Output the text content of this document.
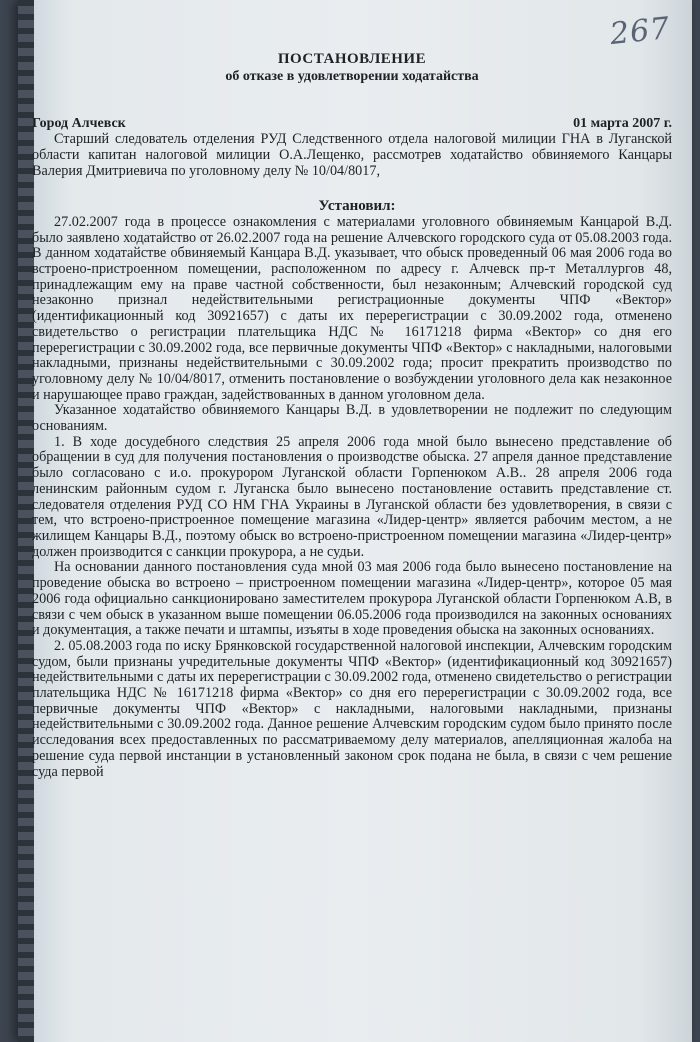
267
ПОСТАНОВЛЕНИЕ
об отказе в удовлетворении ходатайства
Город Алчевск	01 марта 2007 г.

Старший следователь отделения РУД Следственного отдела налоговой милиции ГНА в Луганской области капитан налоговой милиции О.А.Лещенко, рассмотрев ходатайство обвиняемого Канцары Валерия Дмитриевича по уголовному делу № 10/04/8017,

Установил:

27.02.2007 года в процессе ознакомления с материалами уголовного обвиняемым Канцарой В.Д. было заявлено ходатайство от 26.02.2007 года на решение Алчевского городского суда от 05.08.2003 года. В данном ходатайстве обвиняемый Канцара В.Д. указывает, что обыск проведенный 06 мая 2006 года во встроено-пристроенном помещении, расположенном по адресу г. Алчевск пр-т Металлургов 48, принадлежащим ему на праве частной собственности, был незаконным; Алчевский городской суд незаконно признал недействительными регистрационные документы ЧПФ «Вектор» (идентификационный код 30921657) с даты их перерегистрации с 30.09.2002 года, отменено свидетельство о регистрации плательщика НДС № 16171218 фирма «Вектор» со дня его перерегистрации с 30.09.2002 года, все первичные документы ЧПФ «Вектор» с накладными, налоговыми накладными, признаны недействительными с 30.09.2002 года; просит прекратить производство по уголовному делу № 10/04/8017, отменить постановление о возбуждении уголовного дела как незаконное и нарушающее право граждан, задействованных в данном уголовном дела.

Указанное ходатайство обвиняемого Канцары В.Д. в удовлетворении не подлежит по следующим основаниям.

1. В ходе досудебного следствия 25 апреля 2006 года мной было вынесено представление об обращении в суд для получения постановления о производстве обыска. 27 апреля данное представление было согласовано с и.о. прокурором Луганской области Горпенюком А.В.. 28 апреля 2006 года ленинским районным судом г. Луганска было вынесено постановление оставить представление ст. следователя отделения РУД СО НМ ГНА Украины в Луганской области без удовлетворения, в связи с тем, что встроено-пристроенное помещение магазина «Лидер-центр» является рабочим местом, а не жилищем Канцары В.Д., поэтому обыск во встроено-пристроенном помещении магазина «Лидер-центр» должен производится с санкции прокурора, а не судьи.

На основании данного постановления суда мной 03 мая 2006 года было вынесено постановление на проведение обыска во встроено – пристроенном помещении магазина «Лидер-центр», которое 05 мая 2006 года официально санкционировано заместителем прокурора Луганской области Горпенюком А.В, в связи с чем обыск в указанном выше помещении 06.05.2006 года производился на законных основаниях и документация, а также печати и штампы, изъяты в ходе проведения обыска на законных основаниях.

2. 05.08.2003 года по иску Брянковской государственной налоговой инспекции, Алчевским городским судом, были признаны учредительные документы ЧПФ «Вектор» (идентификационный код 30921657) недействительными с даты их перерегистрации с 30.09.2002 года, отменено свидетельство о регистрации плательщика НДС № 16171218 фирма «Вектор» со дня его перерегистрации с 30.09.2002 года, все первичные документы ЧПФ «Вектор» с накладными, налоговыми накладными, признаны недействительными с 30.09.2002 года. Данное решение Алчевским городским судом было принято после исследования всех предоставленных по рассматриваемому делу материалов, апелляционная жалоба на решение суда первой инстанции в установленный законом срок подана не была, в связи с чем решение суда первой
